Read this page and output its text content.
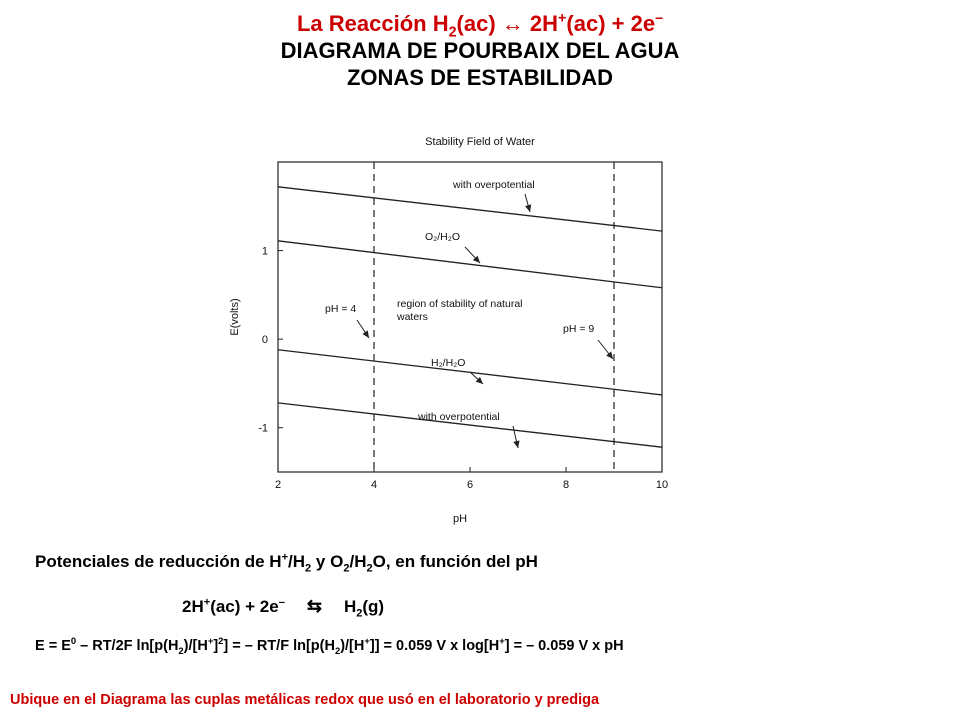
La Reacción $H_2(ac)$ ↔ 2H+(ac) + 2e–
DIAGRAMA DE POURBAIX DEL AGUA
ZONAS DE ESTABILIDAD
Stability Field of Water
2	4	6	8	10
-1
0
1
with overpotential
O₂/H₂O
region of stability of natural
waters
pH = 4
pH = 9
H₂/H₂O
with overpotential
pH
E(volts)
Potenciales de reducción de $H^+/H_2$ y $O_2/H_2O$, en función del pH
2H+(ac) + 2e– ⇆ $H_2(g)$
$E = E^0 - RT/2F$ $\ln[p(H_2)/[H^+]^2]$ = – RT/F $\ln[p(H_2)/[H^+]] = 0.059$ V x log[H+] = – 0.059 V x pH
Ubique en el Diagrama las cuplas metálicas redox que usó en el laboratorio y prediga
